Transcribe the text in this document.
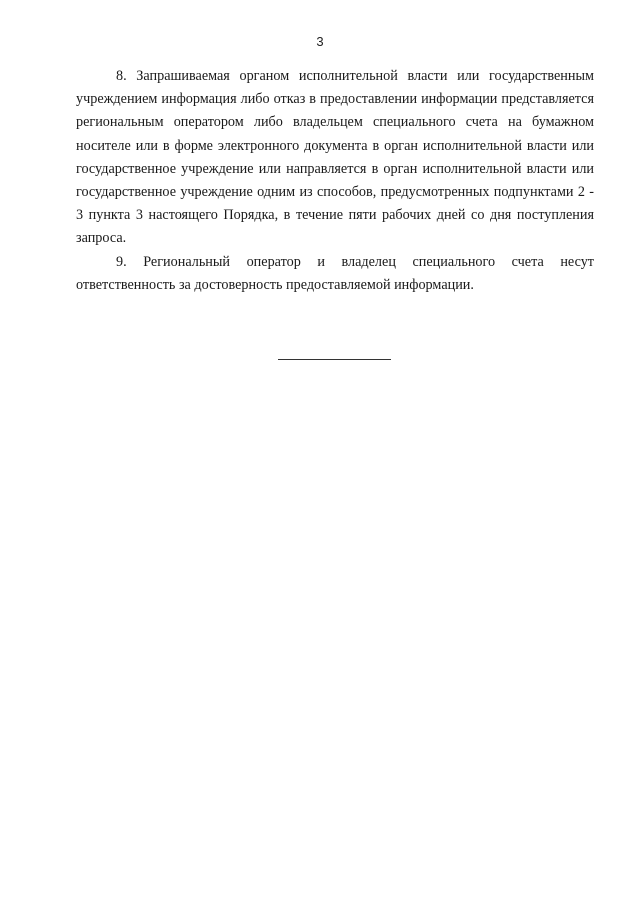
3

8. Запрашиваемая органом исполнительной власти или государственным учреждением информация либо отказ в предоставлении информации представляется региональным оператором либо владельцем специального счета на бумажном носителе или в форме электронного документа в орган исполнительной власти или государственное учреждение или направляется в орган исполнительной власти или государственное учреждение одним из способов, предусмотренных подпунктами 2 - 3 пункта 3 настоящего Порядка, в течение пяти рабочих дней со дня поступления запроса.

9. Региональный оператор и владелец специального счета несут ответственность за достоверность предоставляемой информации.
